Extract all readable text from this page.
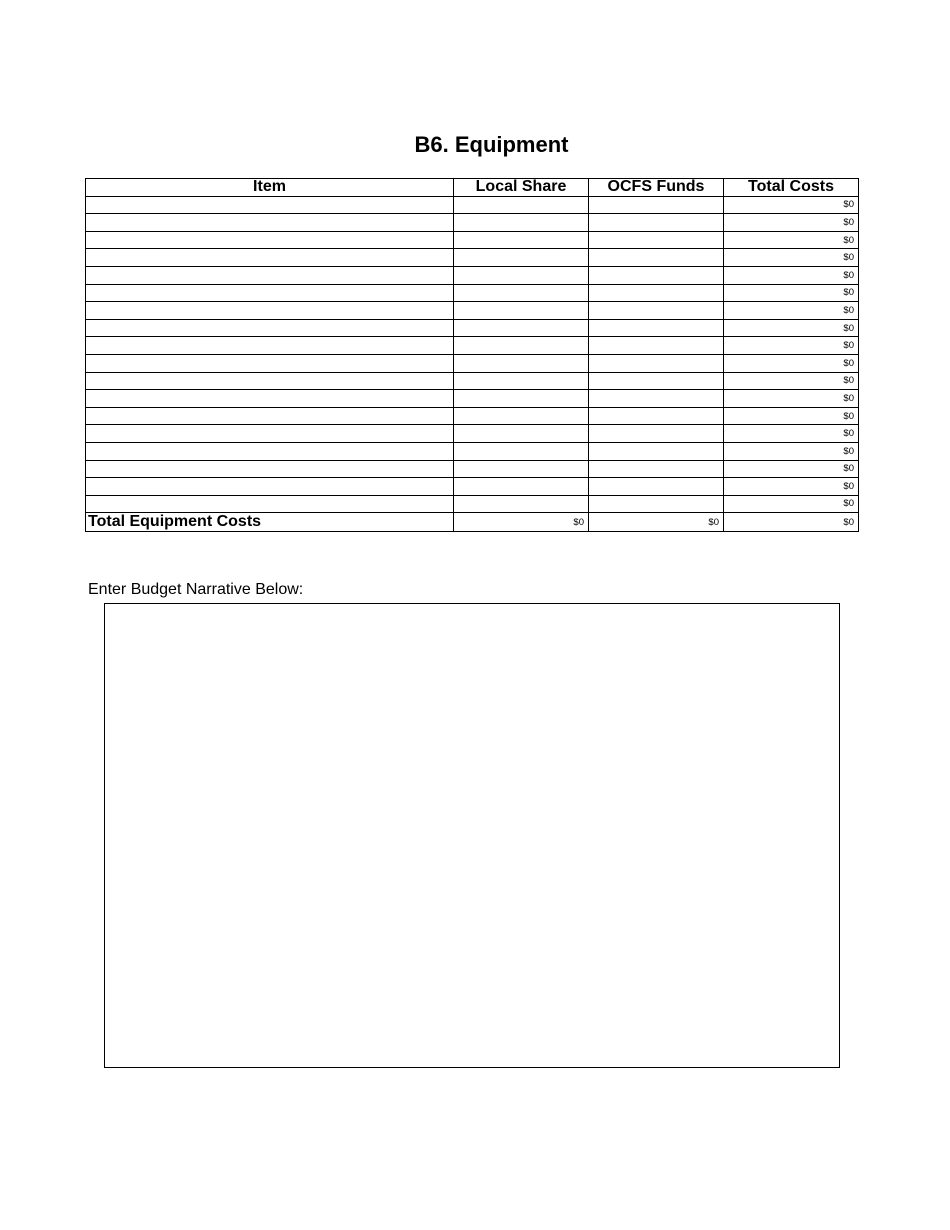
B6. Equipment
Item	Local Share	OCFS Funds	Total Costs
			$0
			$0
			$0
			$0
			$0
			$0
			$0
			$0
			$0
			$0
			$0
			$0
			$0
			$0
			$0
			$0
			$0
			$0
Total Equipment Costs	$0	$0	$0
Enter Budget Narrative Below:
